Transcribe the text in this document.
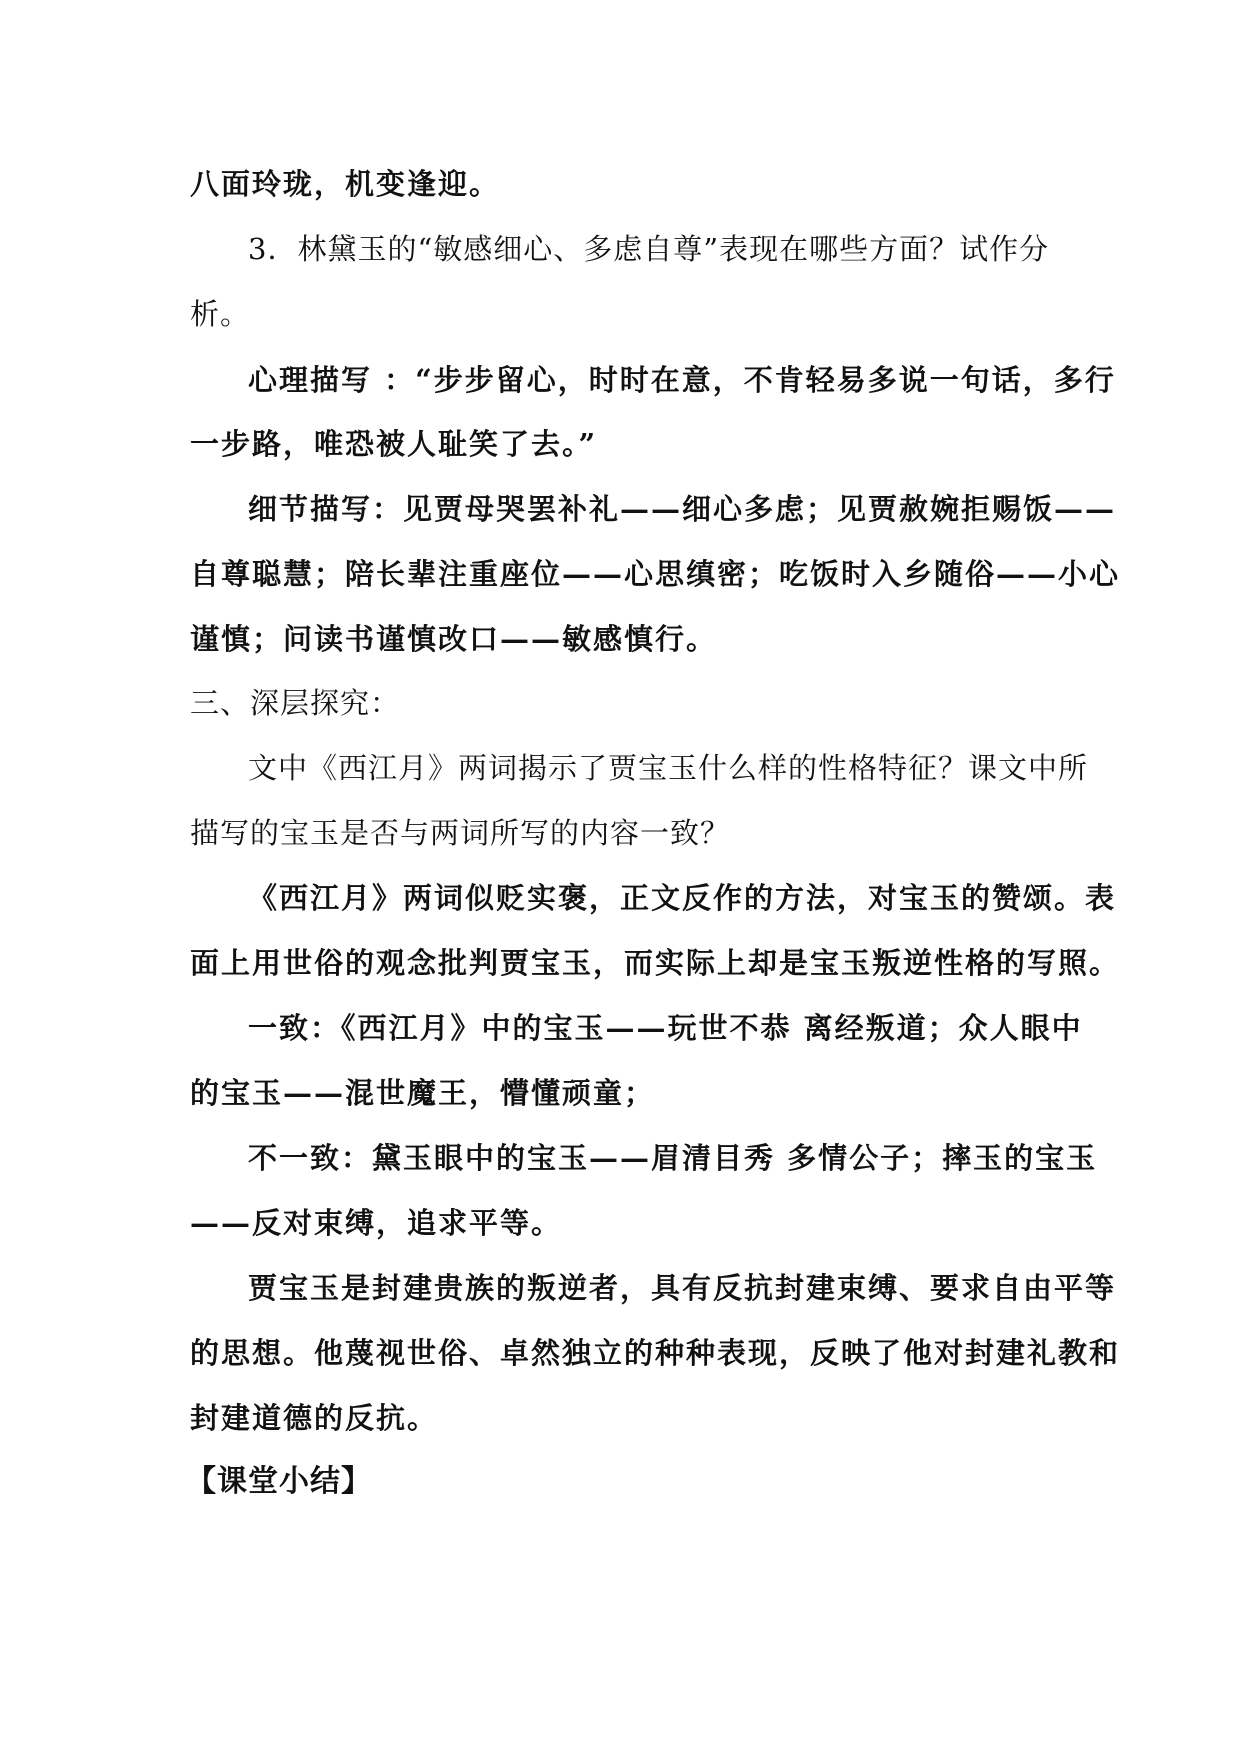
八面玲珑，机变逢迎。
3．林黛玉的“敏感细心、多虑自尊”表现在哪些方面？试作分
析。
心理描写 ：“步步留心，时时在意，不肯轻易多说一句话，多行
一步路，唯恐被人耻笑了去。”
细节描写：见贾母哭罢补礼——细心多虑；见贾赦婉拒赐饭——
自尊聪慧；陪长辈注重座位——心思缜密；吃饭时入乡随俗——小心
谨慎；问读书谨慎改口——敏感慎行。
三、深层探究：
文中《西江月》两词揭示了贾宝玉什么样的性格特征？课文中所
描写的宝玉是否与两词所写的内容一致？
《西江月》两词似贬实褒，正文反作的方法，对宝玉的赞颂。表
面上用世俗的观念批判贾宝玉，而实际上却是宝玉叛逆性格的写照。
一致：《西江月》中的宝玉——玩世不恭 离经叛道；众人眼中
的宝玉——混世魔王，懵懂顽童；
不一致：黛玉眼中的宝玉——眉清目秀 多情公子；摔玉的宝玉
——反对束缚，追求平等。
贾宝玉是封建贵族的叛逆者，具有反抗封建束缚、要求自由平等
的思想。他蔑视世俗、卓然独立的种种表现，反映了他对封建礼教和
封建道德的反抗。
【课堂小结】
